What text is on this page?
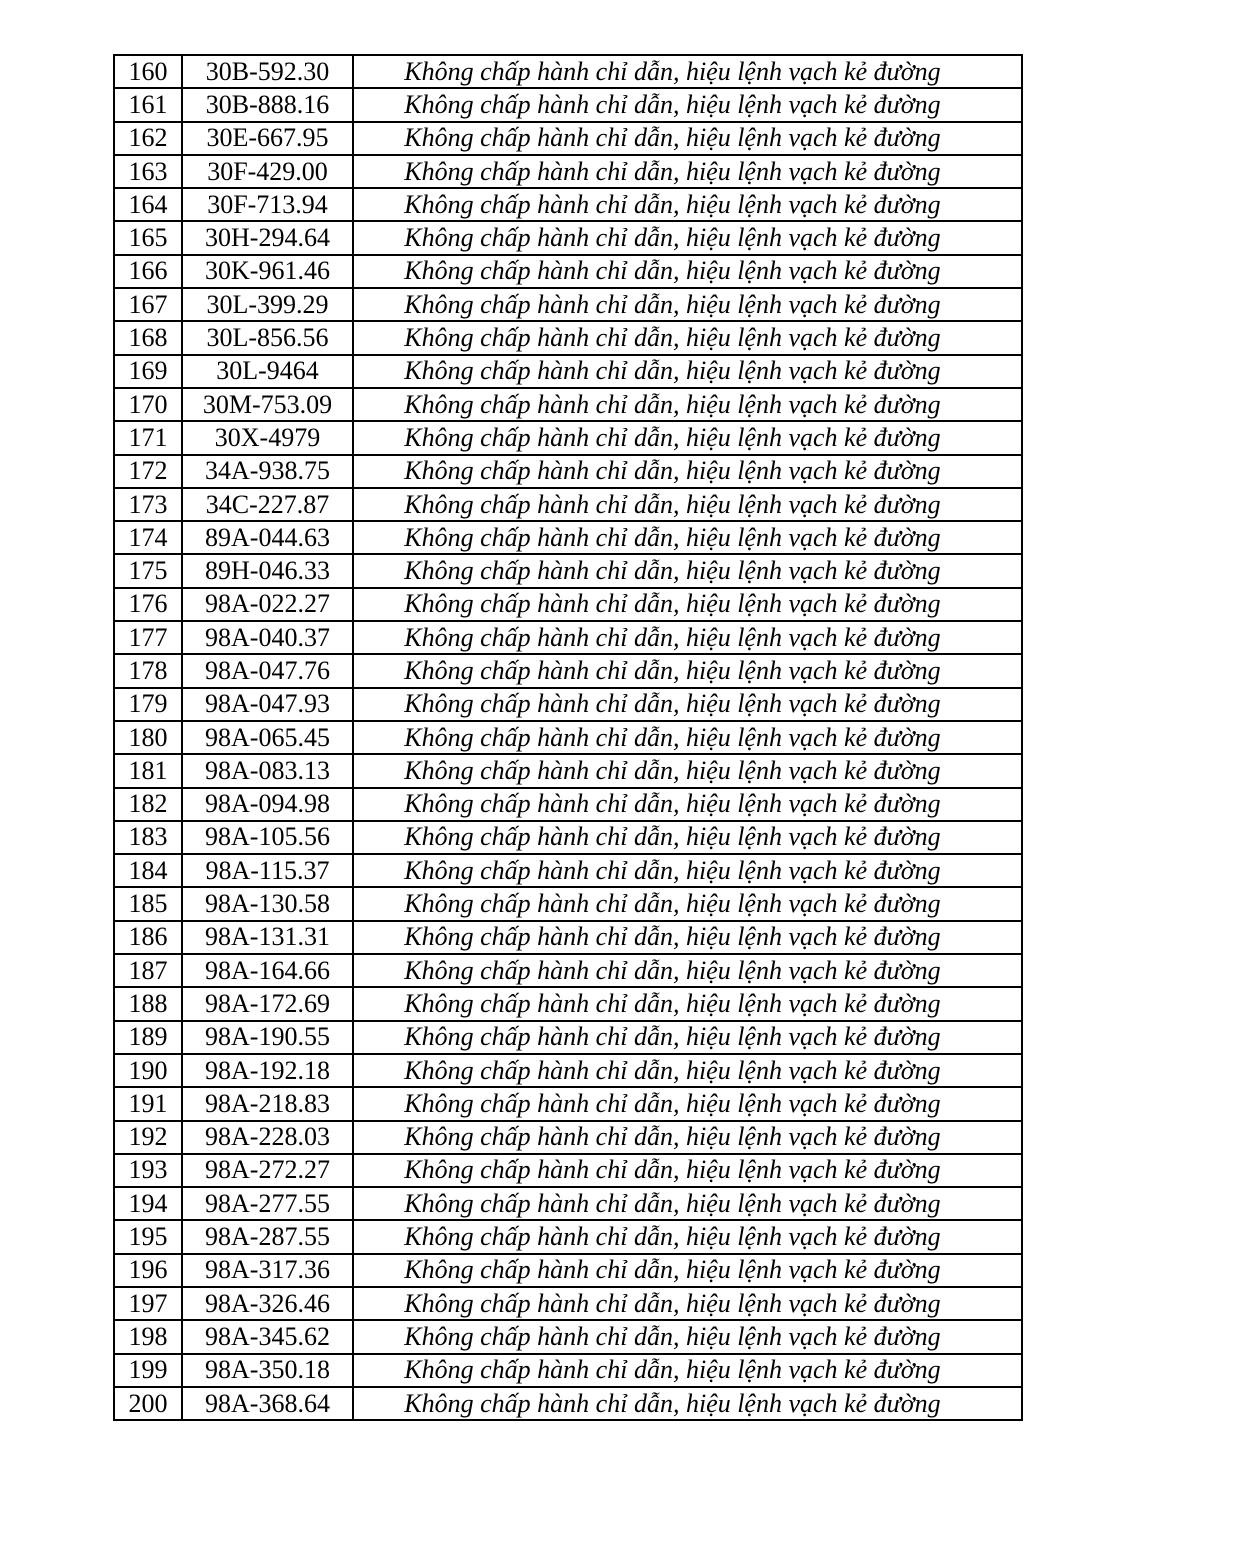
160	30B-592.30	Không chấp hành chỉ dẫn, hiệu lệnh vạch kẻ đường
161	30B-888.16	Không chấp hành chỉ dẫn, hiệu lệnh vạch kẻ đường
162	30E-667.95	Không chấp hành chỉ dẫn, hiệu lệnh vạch kẻ đường
163	30F-429.00	Không chấp hành chỉ dẫn, hiệu lệnh vạch kẻ đường
164	30F-713.94	Không chấp hành chỉ dẫn, hiệu lệnh vạch kẻ đường
165	30H-294.64	Không chấp hành chỉ dẫn, hiệu lệnh vạch kẻ đường
166	30K-961.46	Không chấp hành chỉ dẫn, hiệu lệnh vạch kẻ đường
167	30L-399.29	Không chấp hành chỉ dẫn, hiệu lệnh vạch kẻ đường
168	30L-856.56	Không chấp hành chỉ dẫn, hiệu lệnh vạch kẻ đường
169	30L-9464	Không chấp hành chỉ dẫn, hiệu lệnh vạch kẻ đường
170	30M-753.09	Không chấp hành chỉ dẫn, hiệu lệnh vạch kẻ đường
171	30X-4979	Không chấp hành chỉ dẫn, hiệu lệnh vạch kẻ đường
172	34A-938.75	Không chấp hành chỉ dẫn, hiệu lệnh vạch kẻ đường
173	34C-227.87	Không chấp hành chỉ dẫn, hiệu lệnh vạch kẻ đường
174	89A-044.63	Không chấp hành chỉ dẫn, hiệu lệnh vạch kẻ đường
175	89H-046.33	Không chấp hành chỉ dẫn, hiệu lệnh vạch kẻ đường
176	98A-022.27	Không chấp hành chỉ dẫn, hiệu lệnh vạch kẻ đường
177	98A-040.37	Không chấp hành chỉ dẫn, hiệu lệnh vạch kẻ đường
178	98A-047.76	Không chấp hành chỉ dẫn, hiệu lệnh vạch kẻ đường
179	98A-047.93	Không chấp hành chỉ dẫn, hiệu lệnh vạch kẻ đường
180	98A-065.45	Không chấp hành chỉ dẫn, hiệu lệnh vạch kẻ đường
181	98A-083.13	Không chấp hành chỉ dẫn, hiệu lệnh vạch kẻ đường
182	98A-094.98	Không chấp hành chỉ dẫn, hiệu lệnh vạch kẻ đường
183	98A-105.56	Không chấp hành chỉ dẫn, hiệu lệnh vạch kẻ đường
184	98A-115.37	Không chấp hành chỉ dẫn, hiệu lệnh vạch kẻ đường
185	98A-130.58	Không chấp hành chỉ dẫn, hiệu lệnh vạch kẻ đường
186	98A-131.31	Không chấp hành chỉ dẫn, hiệu lệnh vạch kẻ đường
187	98A-164.66	Không chấp hành chỉ dẫn, hiệu lệnh vạch kẻ đường
188	98A-172.69	Không chấp hành chỉ dẫn, hiệu lệnh vạch kẻ đường
189	98A-190.55	Không chấp hành chỉ dẫn, hiệu lệnh vạch kẻ đường
190	98A-192.18	Không chấp hành chỉ dẫn, hiệu lệnh vạch kẻ đường
191	98A-218.83	Không chấp hành chỉ dẫn, hiệu lệnh vạch kẻ đường
192	98A-228.03	Không chấp hành chỉ dẫn, hiệu lệnh vạch kẻ đường
193	98A-272.27	Không chấp hành chỉ dẫn, hiệu lệnh vạch kẻ đường
194	98A-277.55	Không chấp hành chỉ dẫn, hiệu lệnh vạch kẻ đường
195	98A-287.55	Không chấp hành chỉ dẫn, hiệu lệnh vạch kẻ đường
196	98A-317.36	Không chấp hành chỉ dẫn, hiệu lệnh vạch kẻ đường
197	98A-326.46	Không chấp hành chỉ dẫn, hiệu lệnh vạch kẻ đường
198	98A-345.62	Không chấp hành chỉ dẫn, hiệu lệnh vạch kẻ đường
199	98A-350.18	Không chấp hành chỉ dẫn, hiệu lệnh vạch kẻ đường
200	98A-368.64	Không chấp hành chỉ dẫn, hiệu lệnh vạch kẻ đường
